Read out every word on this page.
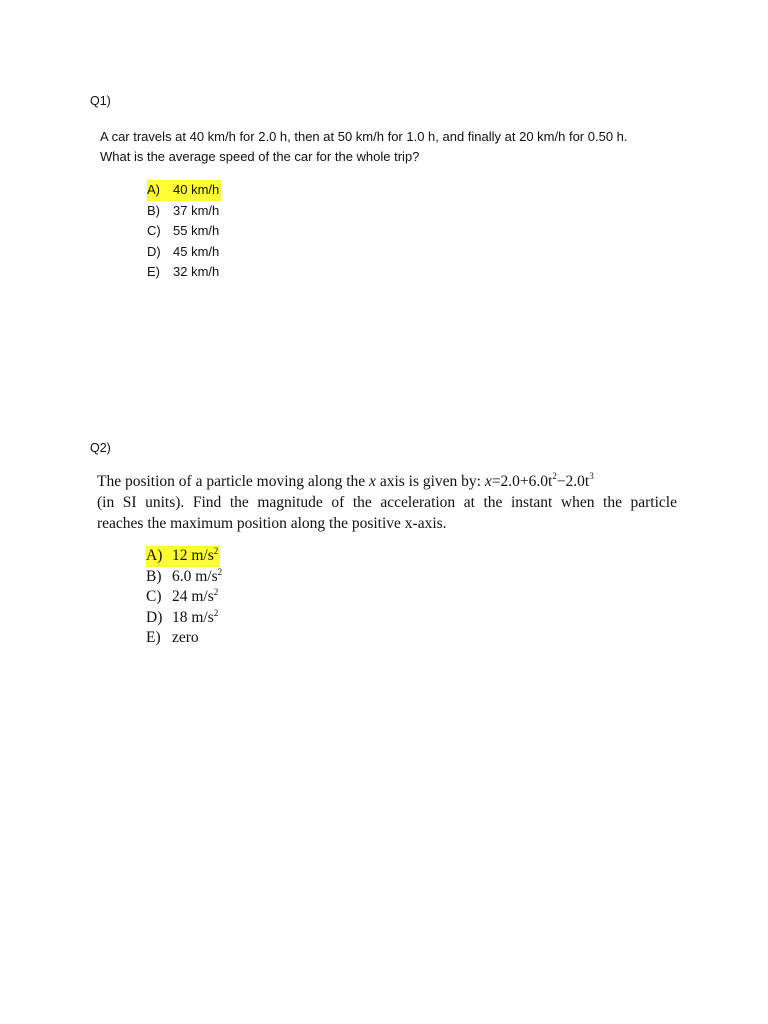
Q1)
A car travels at 40 km/h for 2.0 h, then at 50 km/h for 1.0 h, and finally at 20 km/h for 0.50 h.
What is the average speed of the car for the whole trip?
A) 40 km/h
B) 37 km/h
C) 55 km/h
D) 45 km/h
E) 32 km/h
Q2)
The position of a particle moving along the x axis is given by: $x=2.0+6.0t^2-2.0t^3$
(in SI units). Find the magnitude of the acceleration at the instant when the particle
reaches the maximum position along the positive x-axis.
A) 12 $m/s^2$
B) 6.0 $m/s^2$
C) 24 $m/s^2$
D) 18 $m/s^2$
E) zero
